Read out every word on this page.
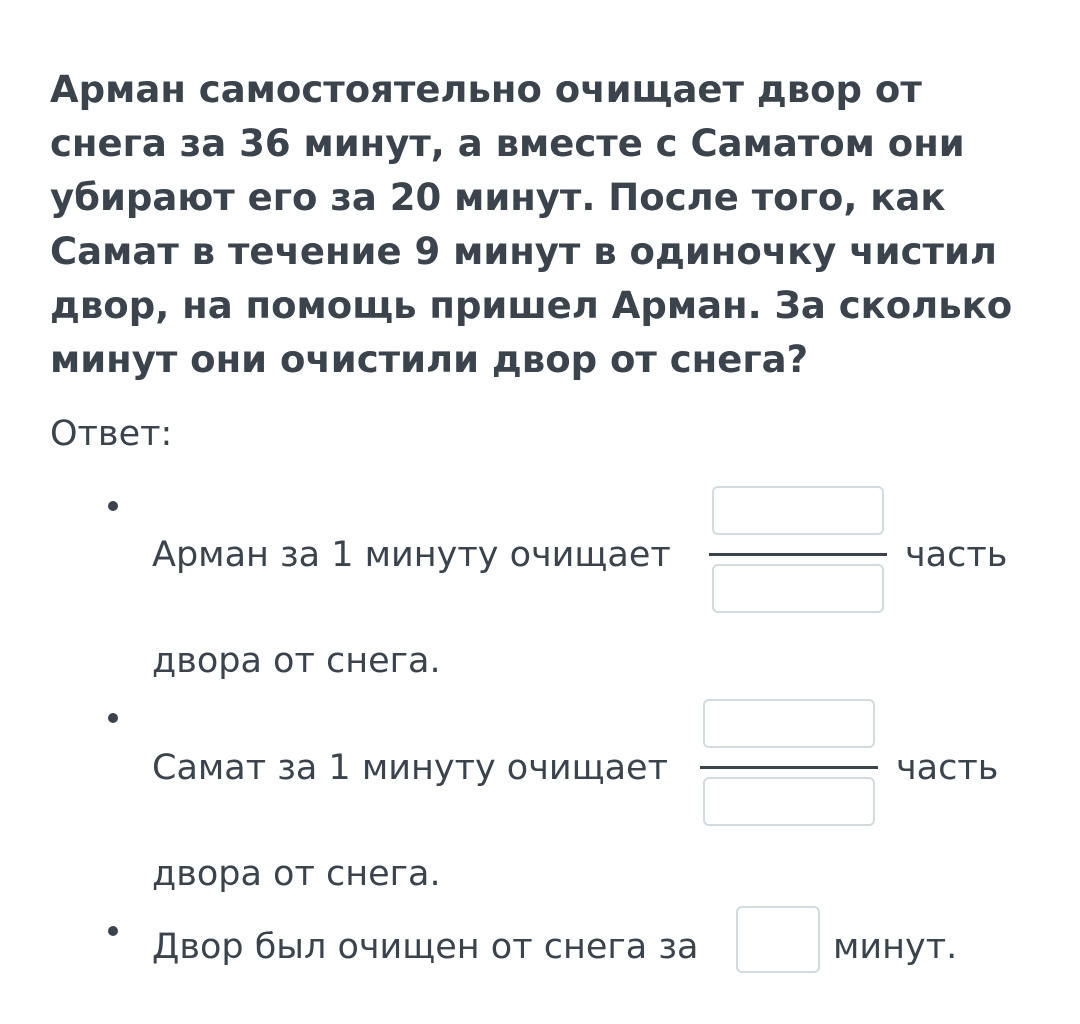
Арман самостоятельно очищает двор от снега за 36 минут, а вместе с Саматом они убирают его за 20 минут. После того, как Самат в течение 9 минут в одиночку чистил двор, на помощь пришел Арман. За сколько минут они очистили двор от снега?

Ответ:
Арман за 1 минуту очищает	часть
двора от снега.
Самат за 1 минуту очищает	часть
двора от снега.
Двор был очищен от снега за	минут.
